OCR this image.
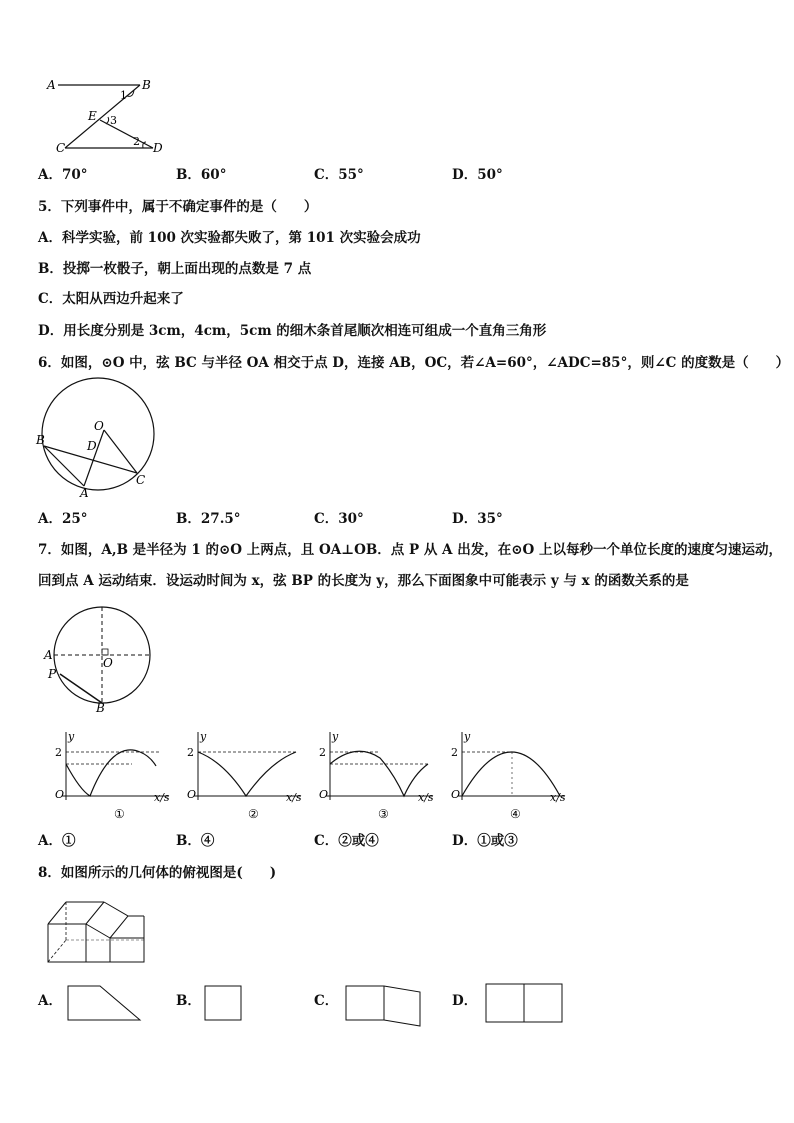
A	B
E
C	D
1
3
2
A．70°	B．60°	C．55°	D．50°
5．下列事件中，属于不确定事件的是（　　）
A．科学实验，前 100 次实验都失败了，第 101 次实验会成功
B．投掷一枚骰子，朝上面出现的点数是 7 点
C．太阳从西边升起来了
D．用长度分别是 3cm，4cm，5cm 的细木条首尾顺次相连可组成一个直角三角形
6．如图，⊙O 中，弦 BC 与半径 OA 相交于点 D，连接 AB，OC，若∠A=60°，∠ADC=85°，则∠C 的度数是（　　）
O
B	D
A
C
A．25°	B．27.5°	C．30°	D．35°
7．如图，A,B 是半径为 1 的⊙O 上两点，且 OA⊥OB．点 P 从 A 出发，在⊙O 上以每秒一个单位长度的速度匀速运动，
回到点 A 运动结束．设运动时间为 x，弦 BP 的长度为 y，那么下面图象中可能表示 y 与 x 的函数关系的是
A
O
P
B
y
2
O	x/s
①
y
2
O	x/s
②
y
2
O	x/s
③
y
2
O	x/s
④
A．①	B．④	C．②或④	D．①或③
8．如图所示的几何体的俯视图是(　　)
A．	B．	C．	D．
